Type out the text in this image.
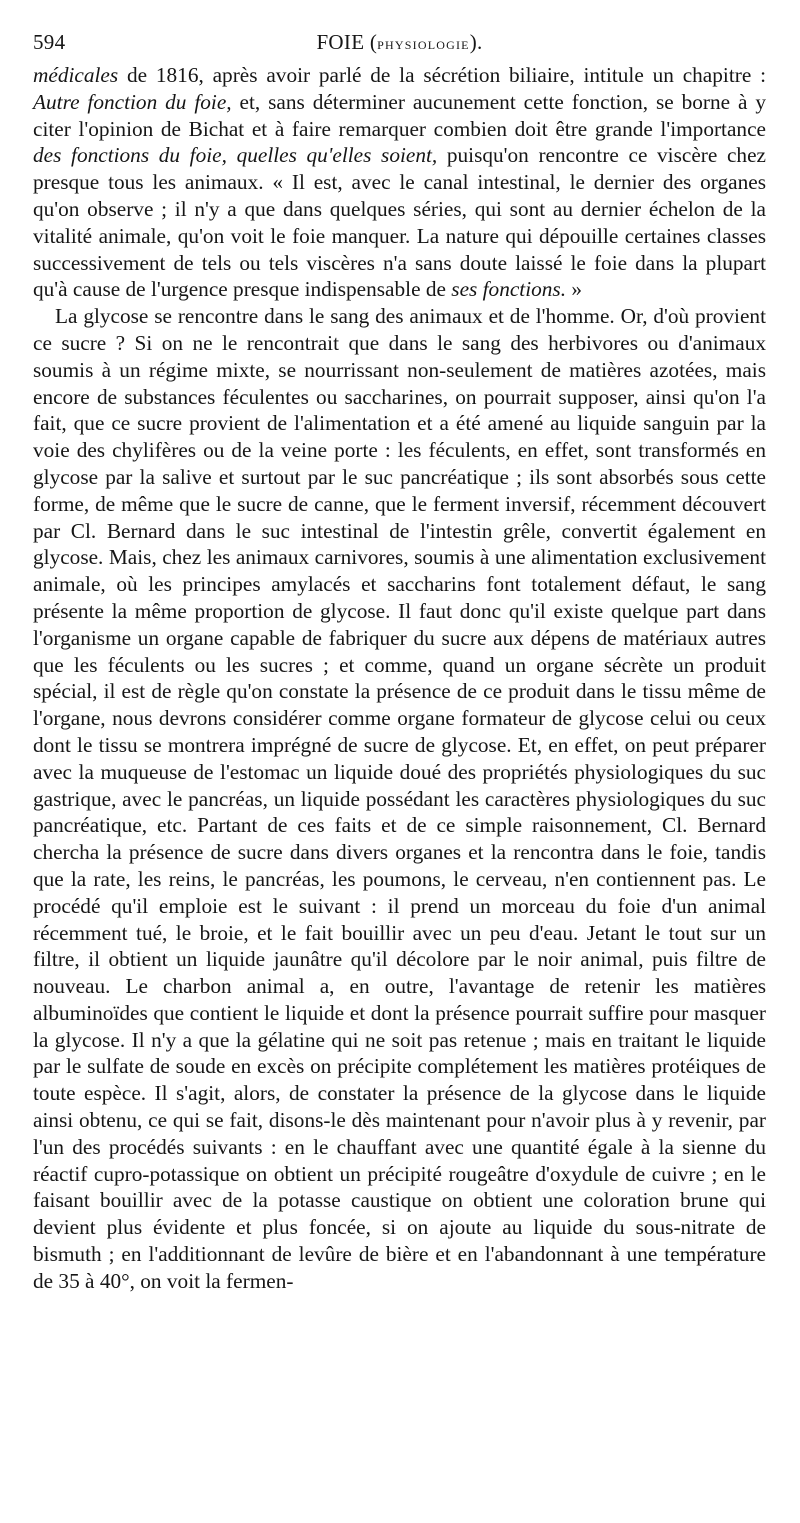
594	FOIE (physiologie).

médicales de 1816, après avoir parlé de la sécrétion biliaire, intitule un chapitre : Autre fonction du foie, et, sans déterminer aucunement cette fonction, se borne à y citer l'opinion de Bichat et à faire remarquer combien doit être grande l'importance des fonctions du foie, quelles qu'elles soient, puisqu'on rencontre ce viscère chez presque tous les animaux. « Il est, avec le canal intestinal, le dernier des organes qu'on observe ; il n'y a que dans quelques séries, qui sont au dernier échelon de la vitalité animale, qu'on voit le foie manquer. La nature qui dépouille certaines classes successivement de tels ou tels viscères n'a sans doute laissé le foie dans la plupart qu'à cause de l'urgence presque indispensable de ses fonctions. »

La glycose se rencontre dans le sang des animaux et de l'homme. Or, d'où provient ce sucre ? Si on ne le rencontrait que dans le sang des herbivores ou d'animaux soumis à un régime mixte, se nourrissant non-seulement de matières azotées, mais encore de substances féculentes ou saccharines, on pourrait supposer, ainsi qu'on l'a fait, que ce sucre provient de l'alimentation et a été amené au liquide sanguin par la voie des chylifères ou de la veine porte : les féculents, en effet, sont transformés en glycose par la salive et surtout par le suc pancréatique ; ils sont absorbés sous cette forme, de même que le sucre de canne, que le ferment inversif, récemment découvert par Cl. Bernard dans le suc intestinal de l'intestin grêle, convertit également en glycose. Mais, chez les animaux carnivores, soumis à une alimentation exclusivement animale, où les principes amylacés et saccharins font totalement défaut, le sang présente la même proportion de glycose. Il faut donc qu'il existe quelque part dans l'organisme un organe capable de fabriquer du sucre aux dépens de matériaux autres que les féculents ou les sucres ; et comme, quand un organe sécrète un produit spécial, il est de règle qu'on constate la présence de ce produit dans le tissu même de l'organe, nous devrons considérer comme organe formateur de glycose celui ou ceux dont le tissu se montrera imprégné de sucre de glycose. Et, en effet, on peut préparer avec la muqueuse de l'estomac un liquide doué des propriétés physiologiques du suc gastrique, avec le pancréas, un liquide possédant les caractères physiologiques du suc pancréatique, etc. Partant de ces faits et de ce simple raisonnement, Cl. Bernard chercha la présence de sucre dans divers organes et la rencontra dans le foie, tandis que la rate, les reins, le pancréas, les poumons, le cerveau, n'en contiennent pas. Le procédé qu'il emploie est le suivant : il prend un morceau du foie d'un animal récemment tué, le broie, et le fait bouillir avec un peu d'eau. Jetant le tout sur un filtre, il obtient un liquide jaunâtre qu'il décolore par le noir animal, puis filtre de nouveau. Le charbon animal a, en outre, l'avantage de retenir les matières albuminoïdes que contient le liquide et dont la présence pourrait suffire pour masquer la glycose. Il n'y a que la gélatine qui ne soit pas retenue ; mais en traitant le liquide par le sulfate de soude en excès on précipite complétement les matières protéiques de toute espèce. Il s'agit, alors, de constater la présence de la glycose dans le liquide ainsi obtenu, ce qui se fait, disons-le dès maintenant pour n'avoir plus à y revenir, par l'un des procédés suivants : en le chauffant avec une quantité égale à la sienne du réactif cupro-potassique on obtient un précipité rougeâtre d'oxydule de cuivre ; en le faisant bouillir avec de la potasse caustique on obtient une coloration brune qui devient plus évidente et plus foncée, si on ajoute au liquide du sous-nitrate de bismuth ; en l'additionnant de levûre de bière et en l'abandonnant à une température de 35 à 40°, on voit la fermen-
